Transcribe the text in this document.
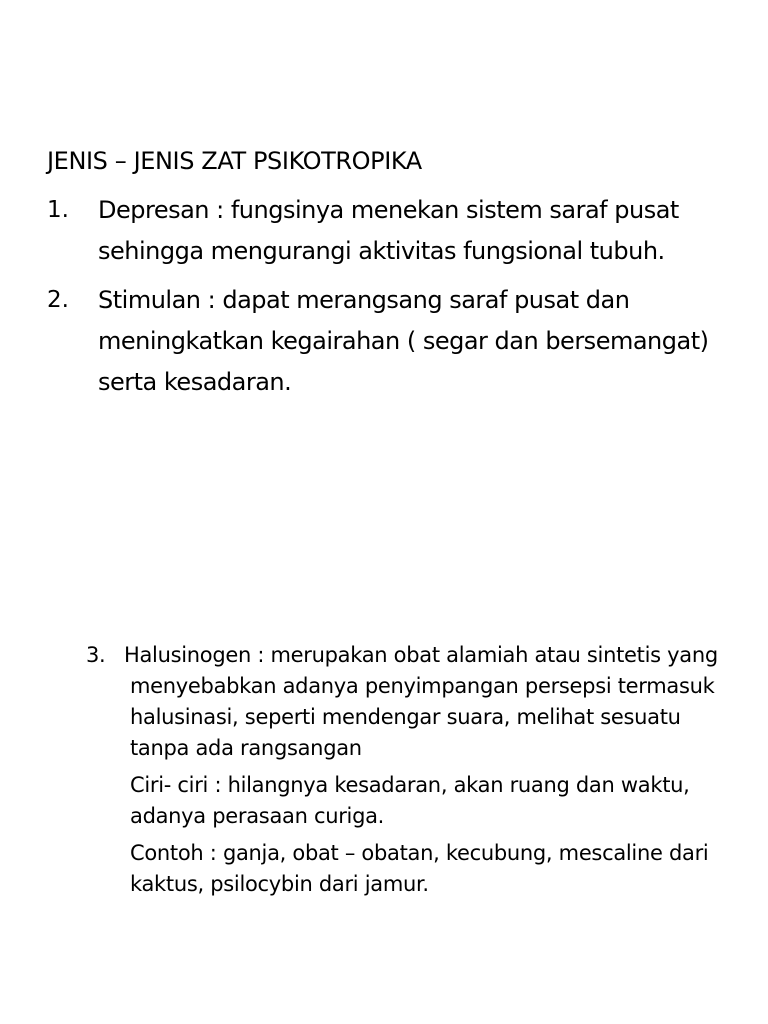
JENIS – JENIS ZAT PSIKOTROPIKA
1.	Depresan : fungsinya menekan sistem saraf pusat sehingga mengurangi aktivitas fungsional tubuh.
2.	Stimulan : dapat merangsang saraf pusat dan meningkatkan kegairahan ( segar dan bersemangat) serta kesadaran.
3. Halusinogen : merupakan obat alamiah atau sintetis yang menyebabkan adanya penyimpangan persepsi termasuk halusinasi, seperti mendengar suara, melihat sesuatu tanpa ada rangsangan
Ciri- ciri : hilangnya kesadaran, akan ruang dan waktu, adanya perasaan curiga.
Contoh : ganja, obat – obatan, kecubung, mescaline dari kaktus, psilocybin dari jamur.
